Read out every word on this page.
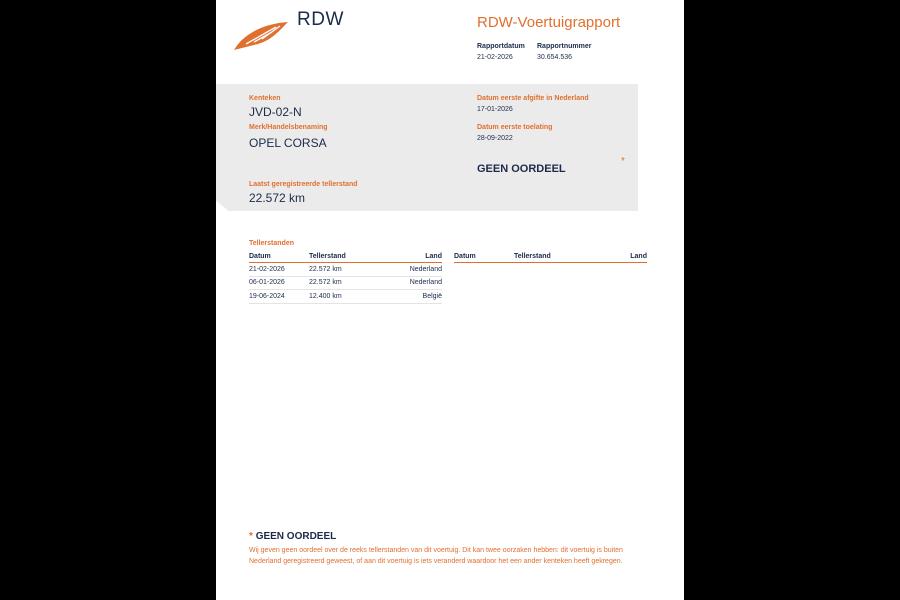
RDW	RDW-Voertuigrapport
Rapportdatum Rapportnummer
21-02-2026	30.654.536
Kenteken
JVD-02-N
Merk/Handelsbenaming
OPEL CORSA
Laatst geregistreerde tellerstand
22.572 km
Datum eerste afgifte in Nederland
17-01-2026
Datum eerste toelating
28-09-2022
GEEN OORDEEL
*
Tellerstanden
Datum	Tellerstand	Land
21-02-2026	22.572 km	Nederland
06-01-2026	22.572 km	Nederland
19-06-2024	12.400 km	België
Datum	Tellerstand	Land
* GEEN OORDEEL
Wij geven geen oordeel over de reeks tellerstanden van dit voertuig. Dit kan twee oorzaken hebben: dit voertuig is buiten Nederland geregistreerd geweest, of aan dit voertuig is iets veranderd waardoor het een ander kenteken heeft gekregen.
